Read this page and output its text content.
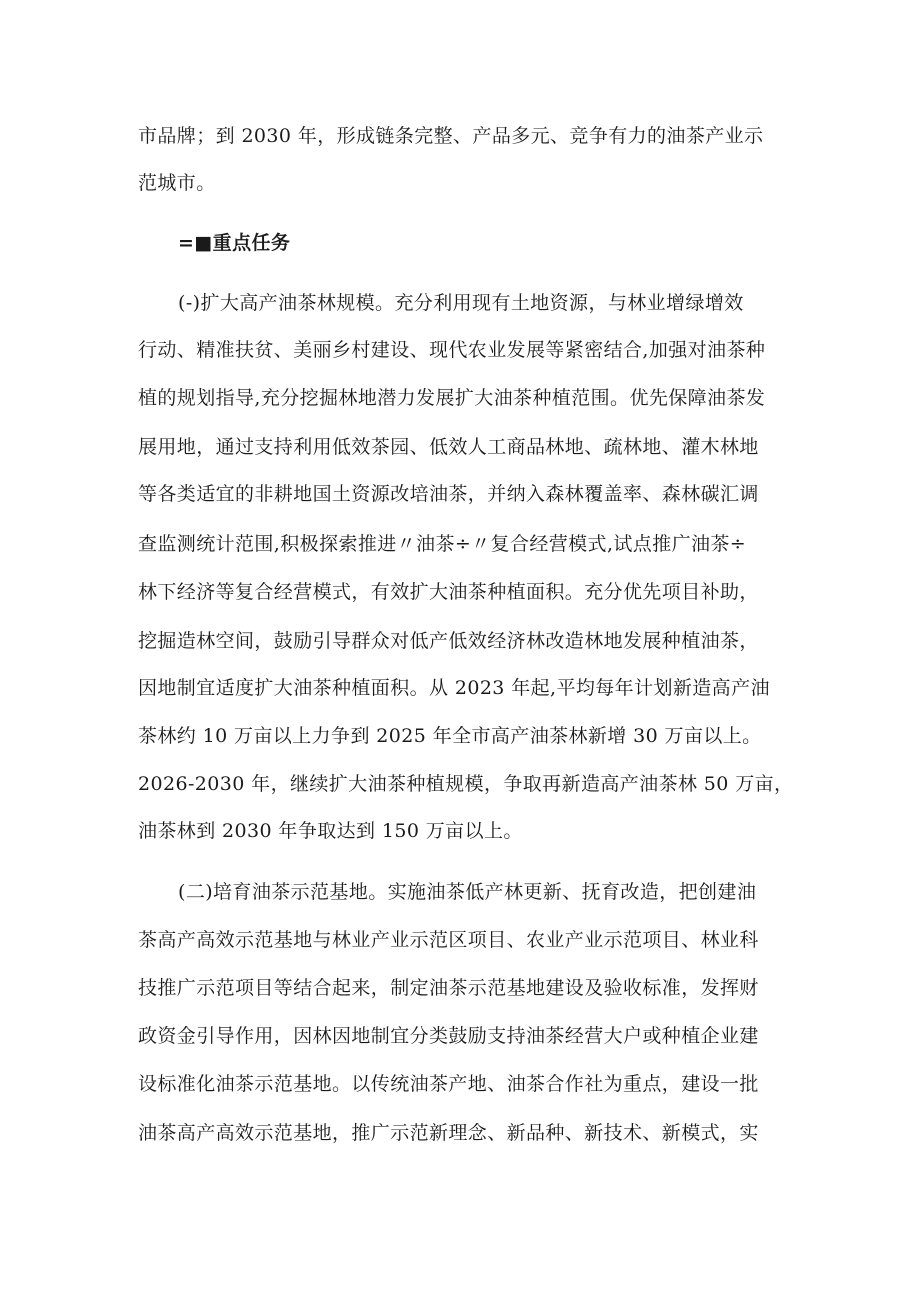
市品牌；到 2030 年，形成链条完整、产品多元、竞争有力的油茶产业示
范城市。
=■重点任务
(-)扩大高产油茶林规模。充分利用现有土地资源，与林业增绿增效
行动、精准扶贫、美丽乡村建设、现代农业发展等紧密结合,加强对油茶种
植的规划指导,充分挖掘林地潜力发展扩大油茶种植范围。优先保障油茶发
展用地，通过支持利用低效茶园、低效人工商品林地、疏林地、灌木林地
等各类适宜的非耕地国土资源改培油茶，并纳入森林覆盖率、森林碳汇调
查监测统计范围,积极探索推进〃油茶÷〃复合经营模式,试点推广油茶÷
林下经济等复合经营模式，有效扩大油茶种植面积。充分优先项目补助，
挖掘造林空间，鼓励引导群众对低产低效经济林改造林地发展种植油茶，
因地制宜适度扩大油茶种植面积。从 2023 年起,平均每年计划新造高产油
茶林约 10 万亩以上力争到 2025 年全市高产油茶林新增 30 万亩以上。
2026-2030 年，继续扩大油茶种植规模，争取再新造高产油茶林 50 万亩，
油茶林到 2030 年争取达到 150 万亩以上。
(二)培育油茶示范基地。实施油茶低产林更新、抚育改造，把创建油
茶高产高效示范基地与林业产业示范区项目、农业产业示范项目、林业科
技推广示范项目等结合起来，制定油茶示范基地建设及验收标准，发挥财
政资金引导作用，因林因地制宜分类鼓励支持油茶经营大户或种植企业建
设标准化油茶示范基地。以传统油茶产地、油茶合作社为重点，建设一批
油茶高产高效示范基地，推广示范新理念、新品种、新技术、新模式，实
